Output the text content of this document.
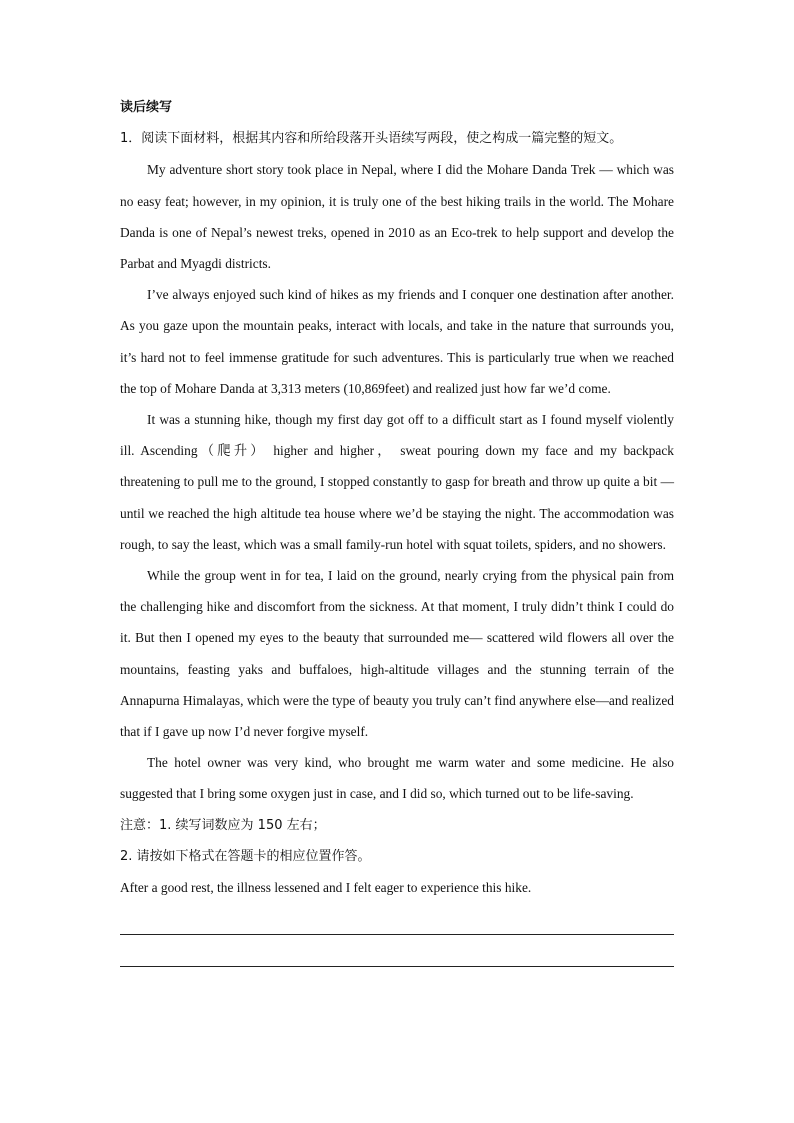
读后续写

1．阅读下面材料，根据其内容和所给段落开头语续写两段，使之构成一篇完整的短文。

My adventure short story took place in Nepal, where I did the Mohare Danda Trek — which was no easy feat; however, in my opinion, it is truly one of the best hiking trails in the world. The Mohare Danda is one of Nepal’s newest treks, opened in 2010 as an Eco-trek to help support and develop the Parbat and Myagdi districts.

I’ve always enjoyed such kind of hikes as my friends and I conquer one destination after another. As you gaze upon the mountain peaks, interact with locals, and take in the nature that surrounds you, it’s hard not to feel immense gratitude for such adventures. This is particularly true when we reached the top of Mohare Danda at 3,313 meters (10,869feet) and realized just how far we’d come.

It was a stunning hike, though my first day got off to a difficult start as I found myself violently ill. Ascending（爬升） higher and higher， sweat pouring down my face and my backpack threatening to pull me to the ground, I stopped constantly to gasp for breath and throw up quite a bit — until we reached the high altitude tea house where we’d be staying the night. The accommodation was rough, to say the least, which was a small family-run hotel with squat toilets, spiders, and no showers.

While the group went in for tea, I laid on the ground, nearly crying from the physical pain from the challenging hike and discomfort from the sickness. At that moment, I truly didn’t think I could do it. But then I opened my eyes to the beauty that surrounded me— scattered wild flowers all over the mountains, feasting yaks and buffaloes, high-altitude villages and the stunning terrain of the Annapurna Himalayas, which were the type of beauty you truly can’t find anywhere else—and realized that if I gave up now I’d never forgive myself.

The hotel owner was very kind, who brought me warm water and some medicine. He also suggested that I bring some oxygen just in case, and I did so, which turned out to be life-saving.

注意：1. 续写词数应为 150 左右；

2. 请按如下格式在答题卡的相应位置作答。

After a good rest, the illness lessened and I felt eager to experience this hike.
